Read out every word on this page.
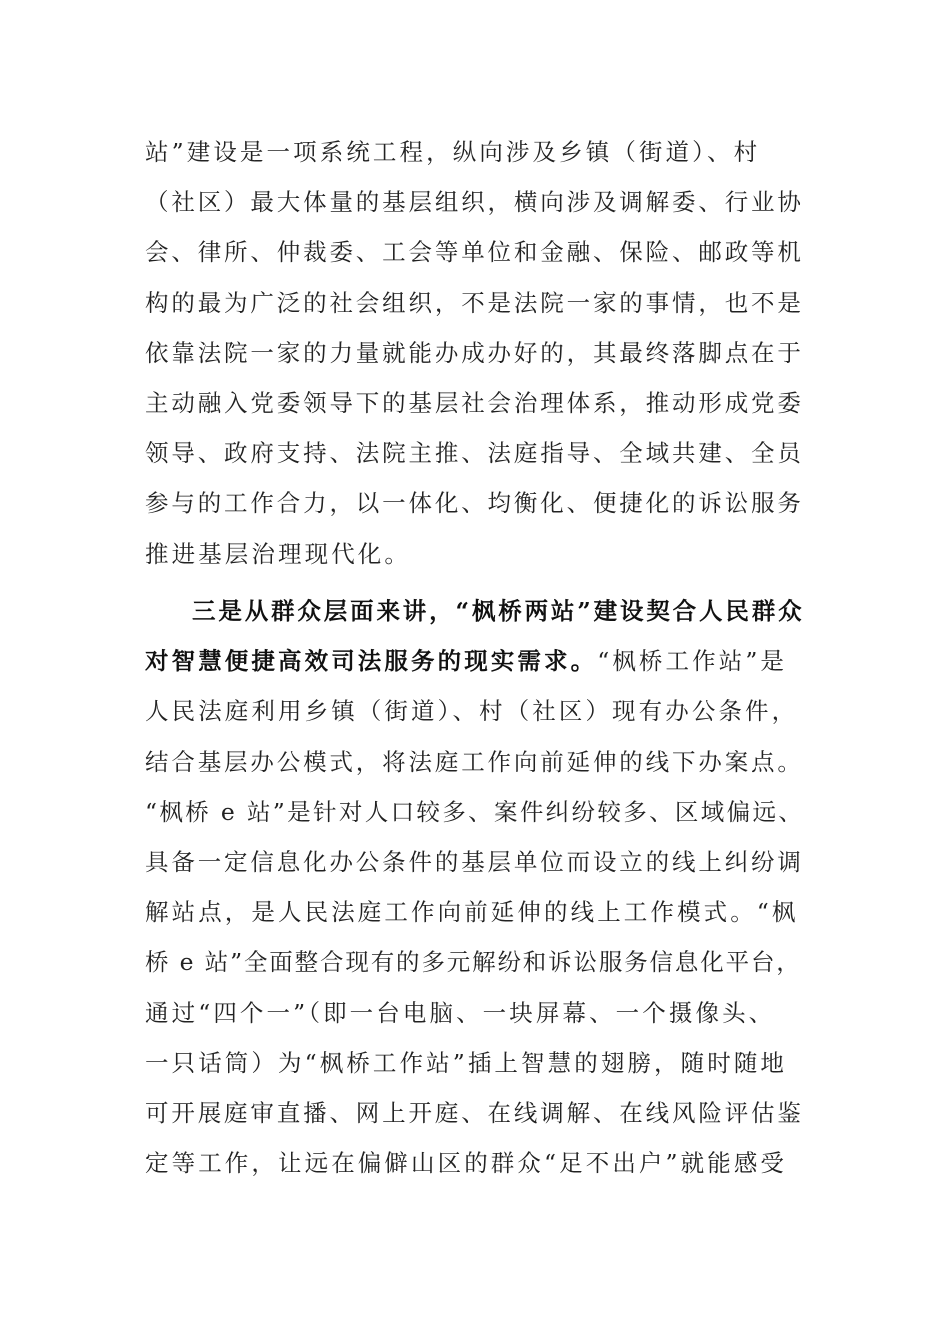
站”建设是一项系统工程，纵向涉及乡镇（街道）、村
（社区）最大体量的基层组织，横向涉及调解委、行业协
会、律所、仲裁委、工会等单位和金融、保险、邮政等机
构的最为广泛的社会组织，不是法院一家的事情，也不是
依靠法院一家的力量就能办成办好的，其最终落脚点在于
主动融入党委领导下的基层社会治理体系，推动形成党委
领导、政府支持、法院主推、法庭指导、全域共建、全员
参与的工作合力，以一体化、均衡化、便捷化的诉讼服务
推进基层治理现代化。
三是从群众层面来讲，“枫桥两站”建设契合人民群众
对智慧便捷高效司法服务的现实需求。“枫桥工作站”是
人民法庭利用乡镇（街道）、村（社区）现有办公条件，
结合基层办公模式，将法庭工作向前延伸的线下办案点。
“枫桥 e 站”是针对人口较多、案件纠纷较多、区域偏远、
具备一定信息化办公条件的基层单位而设立的线上纠纷调
解站点，是人民法庭工作向前延伸的线上工作模式。“枫
桥 e 站”全面整合现有的多元解纷和诉讼服务信息化平台，
通过“四个一”（即一台电脑、一块屏幕、一个摄像头、
一只话筒）为“枫桥工作站”插上智慧的翅膀，随时随地
可开展庭审直播、网上开庭、在线调解、在线风险评估鉴
定等工作，让远在偏僻山区的群众“足不出户”就能感受
